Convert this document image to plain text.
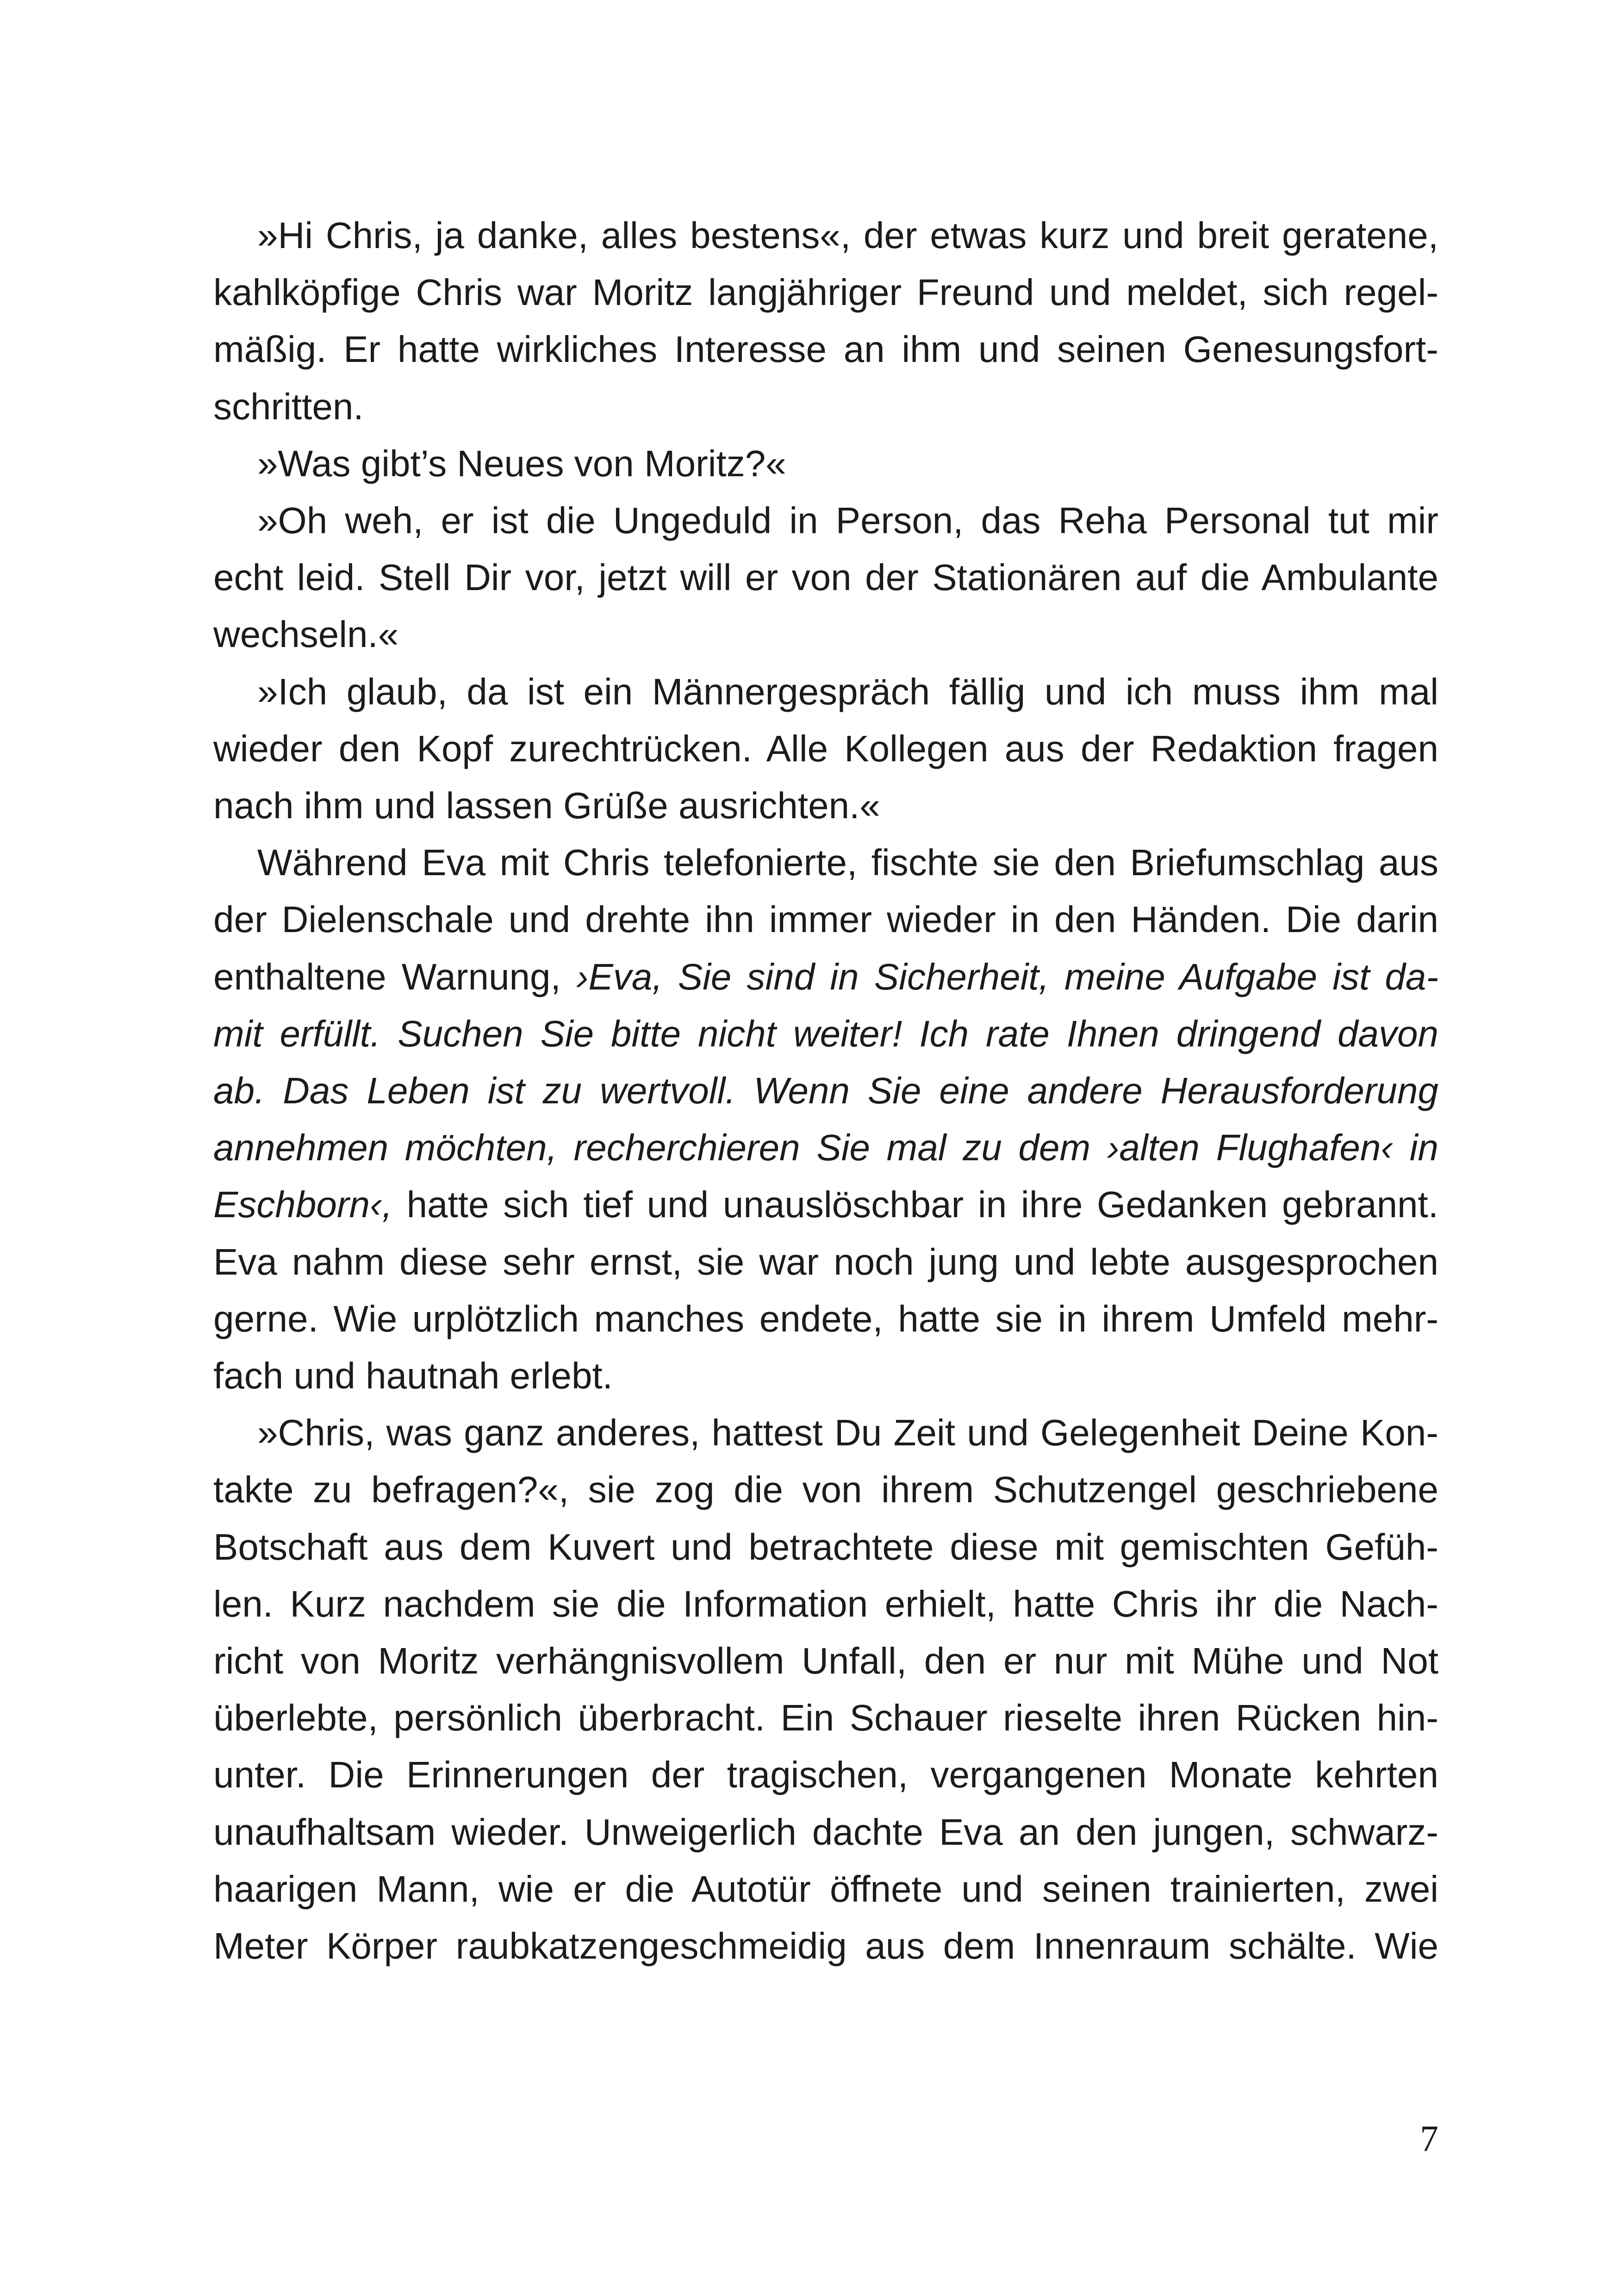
»Hi Chris, ja danke, alles bestens«, der etwas kurz und breit geratene,
kahlköpfige Chris war Moritz langjähriger Freund und meldet, sich regel-
mäßig. Er hatte wirkliches Interesse an ihm und seinen Genesungsfort-
schritten.
»Was gibt’s Neues von Moritz?«
»Oh weh, er ist die Ungeduld in Person, das Reha Personal tut mir
echt leid. Stell Dir vor, jetzt will er von der Stationären auf die Ambulante
wechseln.«
»Ich glaub, da ist ein Männergespräch fällig und ich muss ihm mal
wieder den Kopf zurechtrücken. Alle Kollegen aus der Redaktion fragen
nach ihm und lassen Grüße ausrichten.«
Während Eva mit Chris telefonierte, fischte sie den Briefumschlag aus
der Dielenschale und drehte ihn immer wieder in den Händen. Die darin
enthaltene Warnung, ›Eva, Sie sind in Sicherheit, meine Aufgabe ist da-
mit erfüllt. Suchen Sie bitte nicht weiter! Ich rate Ihnen dringend davon
ab. Das Leben ist zu wertvoll. Wenn Sie eine andere Herausforderung
annehmen möchten, recherchieren Sie mal zu dem ›alten Flughafen‹ in
Eschborn‹, hatte sich tief und unauslöschbar in ihre Gedanken gebrannt.
Eva nahm diese sehr ernst, sie war noch jung und lebte ausgesprochen
gerne. Wie urplötzlich manches endete, hatte sie in ihrem Umfeld mehr-
fach und hautnah erlebt.
»Chris, was ganz anderes, hattest Du Zeit und Gelegenheit Deine Kon-
takte zu befragen?«, sie zog die von ihrem Schutzengel geschriebene
Botschaft aus dem Kuvert und betrachtete diese mit gemischten Gefüh-
len. Kurz nachdem sie die Information erhielt, hatte Chris ihr die Nach-
richt von Moritz verhängnisvollem Unfall, den er nur mit Mühe und Not
überlebte, persönlich überbracht. Ein Schauer rieselte ihren Rücken hin-
unter. Die Erinnerungen der tragischen, vergangenen Monate kehrten
unaufhaltsam wieder. Unweigerlich dachte Eva an den jungen, schwarz-
haarigen Mann, wie er die Autotür öffnete und seinen trainierten, zwei
Meter Körper raubkatzengeschmeidig aus dem Innenraum schälte. Wie
7
